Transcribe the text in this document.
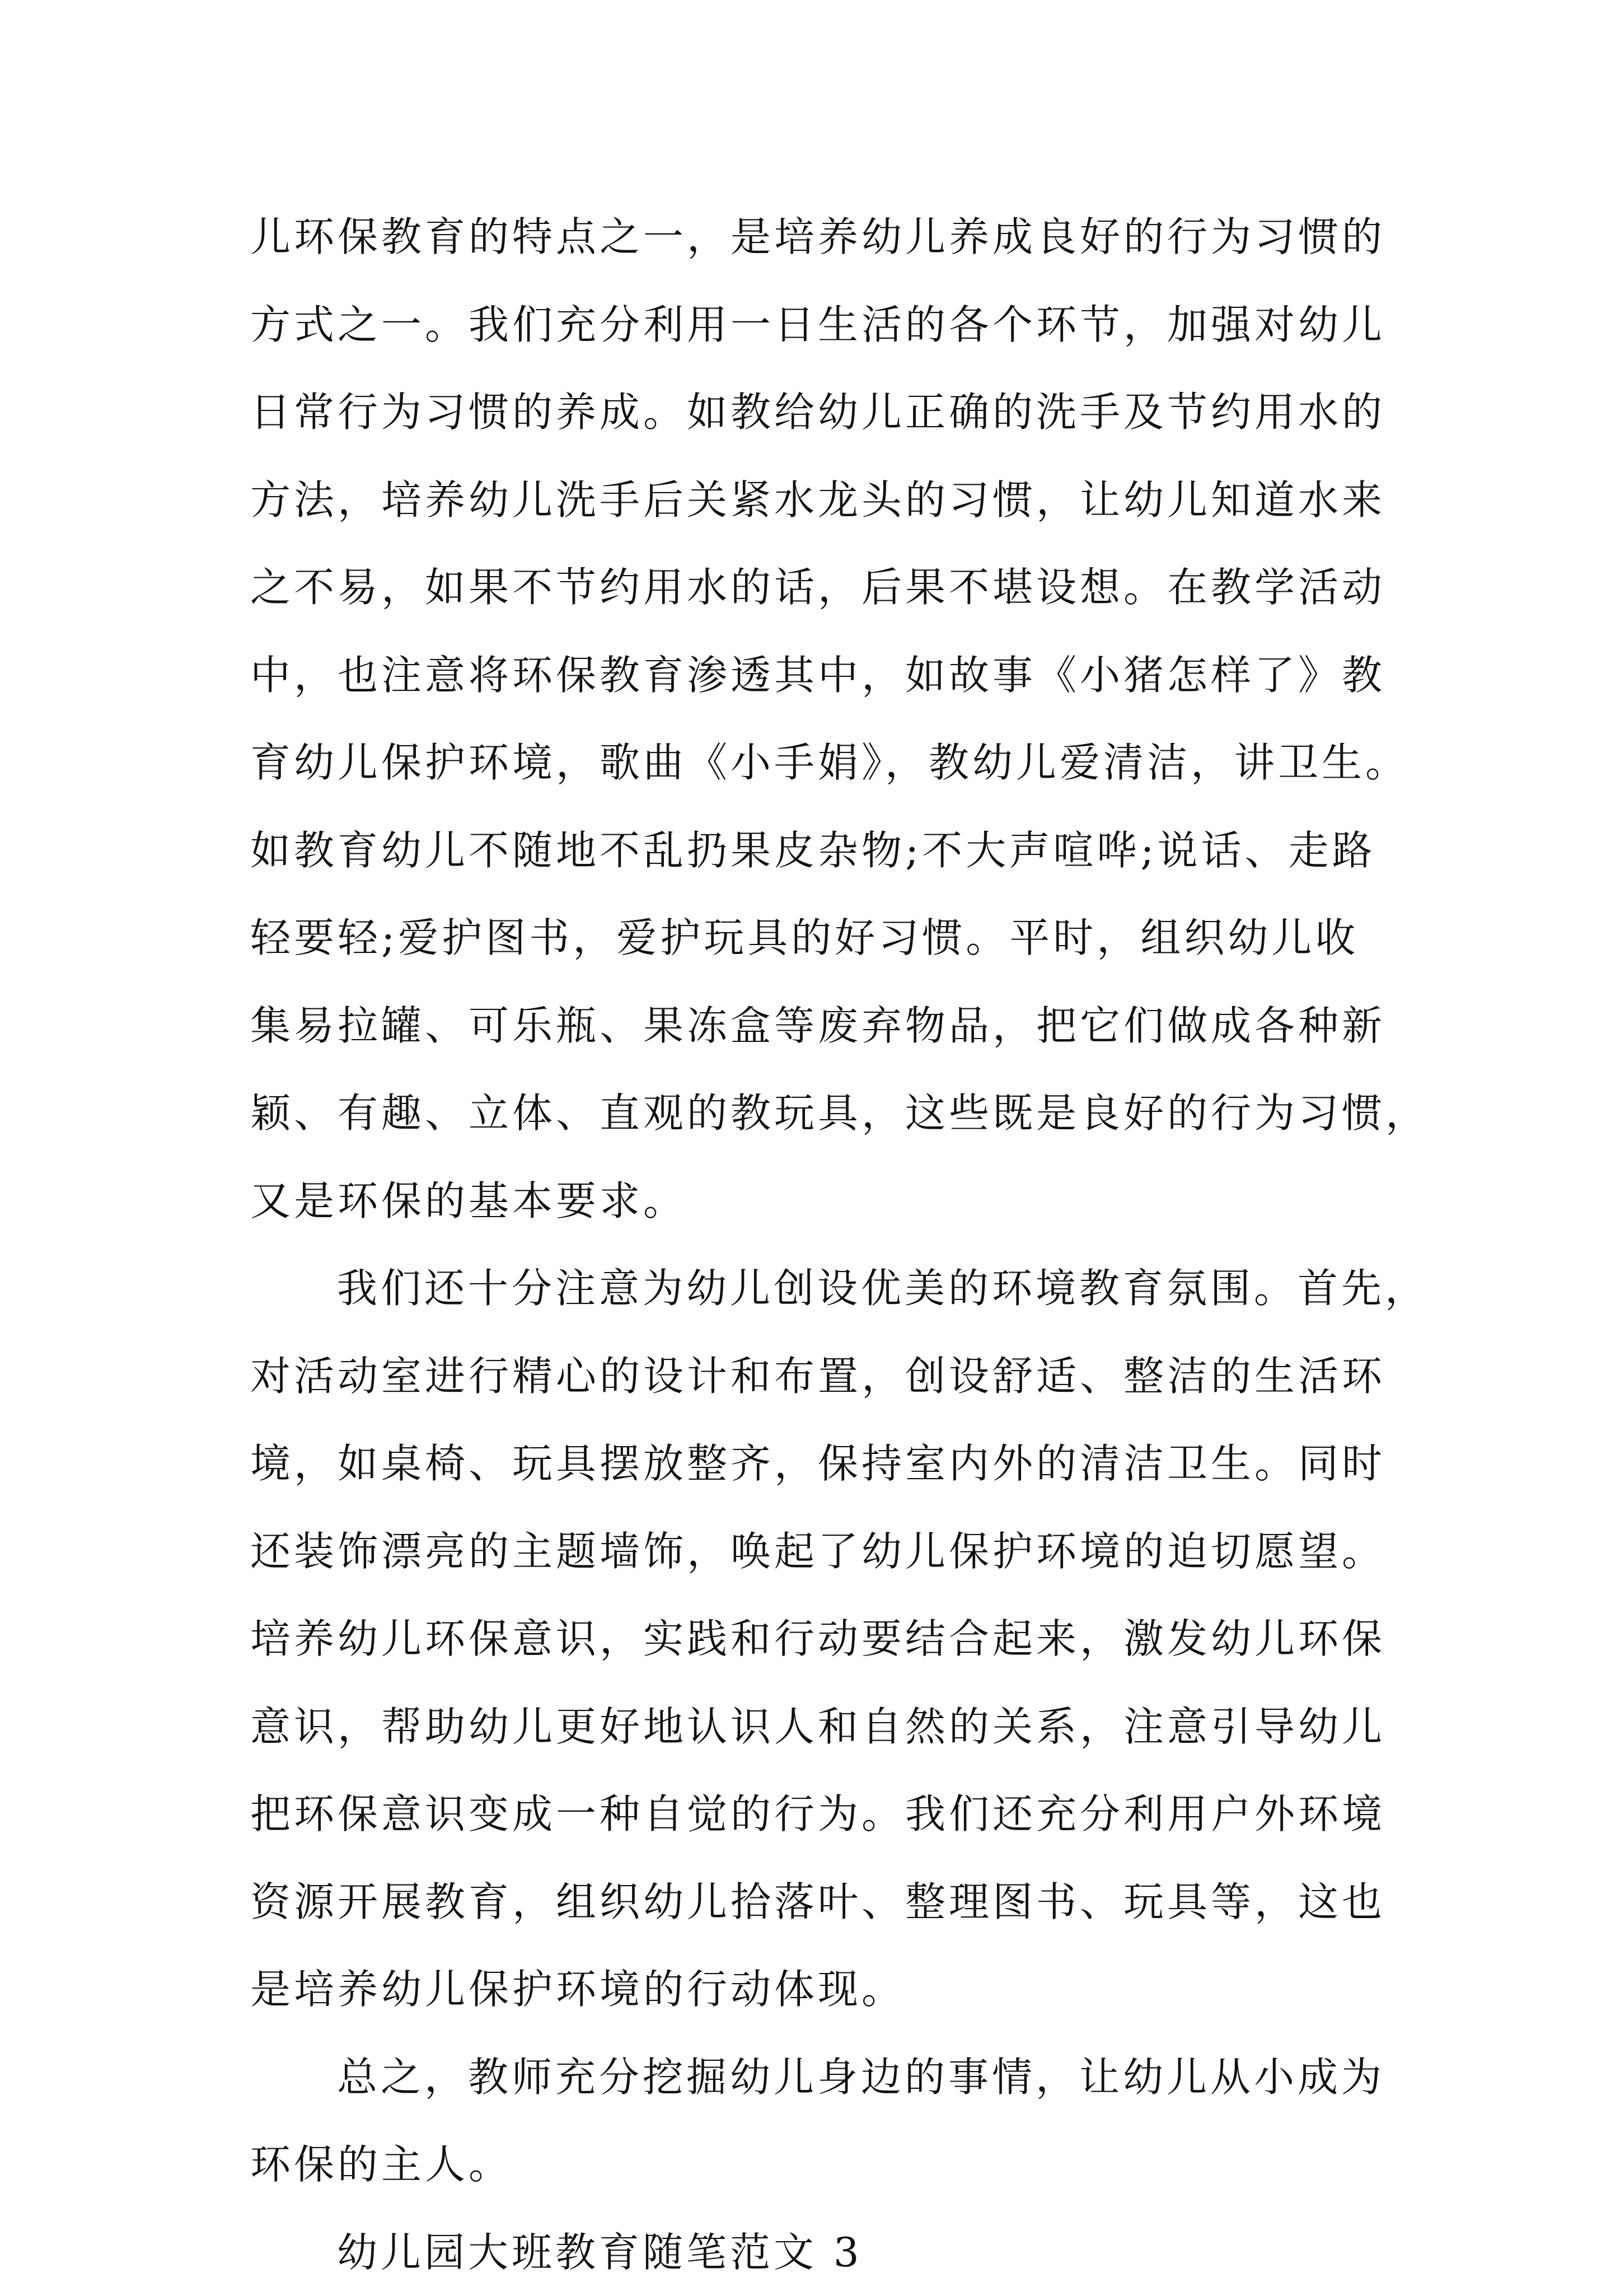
儿环保教育的特点之一，是培养幼儿养成良好的行为习惯的
方式之一。我们充分利用一日生活的各个环节，加强对幼儿
日常行为习惯的养成。如教给幼儿正确的洗手及节约用水的
方法，培养幼儿洗手后关紧水龙头的习惯，让幼儿知道水来
之不易，如果不节约用水的话，后果不堪设想。在教学活动
中，也注意将环保教育渗透其中，如故事《小猪怎样了》教
育幼儿保护环境，歌曲《小手娟》，教幼儿爱清洁，讲卫生。
如教育幼儿不随地不乱扔果皮杂物;不大声喧哗;说话、走路
轻要轻;爱护图书，爱护玩具的好习惯。平时，组织幼儿收
集易拉罐、可乐瓶、果冻盒等废弃物品，把它们做成各种新
颖、有趣、立体、直观的教玩具，这些既是良好的行为习惯，
又是环保的基本要求。
我们还十分注意为幼儿创设优美的环境教育氛围。首先，
对活动室进行精心的设计和布置，创设舒适、整洁的生活环
境，如桌椅、玩具摆放整齐，保持室内外的清洁卫生。同时
还装饰漂亮的主题墙饰，唤起了幼儿保护环境的迫切愿望。
培养幼儿环保意识，实践和行动要结合起来，激发幼儿环保
意识，帮助幼儿更好地认识人和自然的关系，注意引导幼儿
把环保意识变成一种自觉的行为。我们还充分利用户外环境
资源开展教育，组织幼儿拾落叶、整理图书、玩具等，这也
是培养幼儿保护环境的行动体现。
总之，教师充分挖掘幼儿身边的事情，让幼儿从小成为
环保的主人。
幼儿园大班教育随笔范文 3
